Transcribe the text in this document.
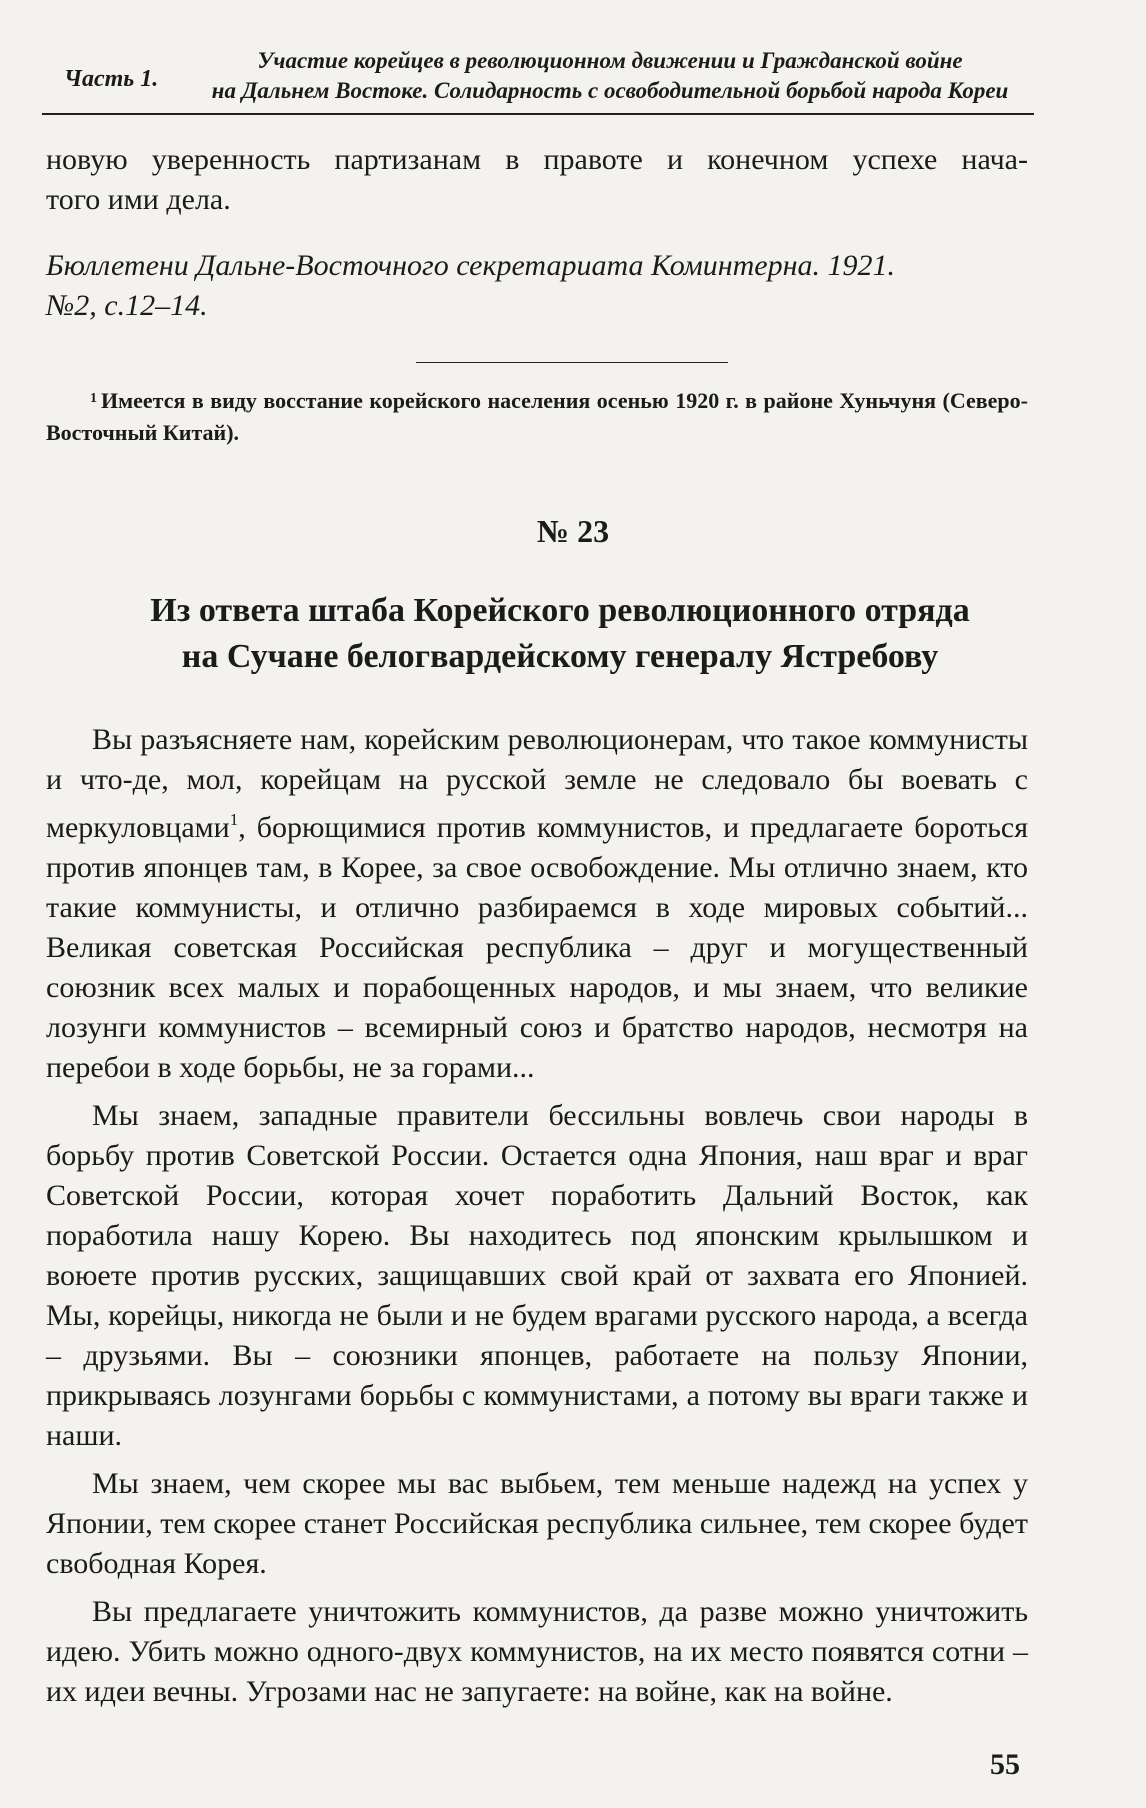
Часть 1.
Участие корейцев в революционном движении и Гражданской войне
на Дальнем Востоке. Солидарность с освободительной борьбой народа Кореи
новую уверенность партизанам в правоте и конечном успехе нача-
того ими дела.
Бюллетени Дальне-Восточного секретариата Коминтерна. 1921.
№2, с.12–14.
$^1$ Имеется в виду восстание корейского населения осенью 1920 г. в районе Хуньчуня (Северо-Восточный Китай).
№ 23
Из ответа штаба Корейского революционного отряда
на Сучане белогвардейскому генералу Ястребову

Вы разъясняете нам, корейским революционерам, что такое коммунисты и что-де, мол, корейцам на русской земле не следовало бы воевать с меркуловцами$^1$, борющимися против коммунистов, и предлагаете бороться против японцев там, в Корее, за свое освобождение. Мы отлично знаем, кто такие коммунисты, и отлично разбираемся в ходе мировых событий... Великая советская Российская республика – друг и могущественный союзник всех малых и порабощенных народов, и мы знаем, что великие лозунги коммунистов – всемирный союз и братство народов, несмотря на перебои в ходе борьбы, не за горами...

Мы знаем, западные правители бессильны вовлечь свои народы в борьбу против Советской России. Остается одна Япония, наш враг и враг Советской России, которая хочет поработить Дальний Восток, как поработила нашу Корею. Вы находитесь под японским крылышком и воюете против русских, защищавших свой край от захвата его Японией. Мы, корейцы, никогда не были и не будем врагами русского народа, а всегда – друзьями. Вы – союзники японцев, работаете на пользу Японии, прикрываясь лозунгами борьбы с коммунистами, а потому вы враги также и наши.

Мы знаем, чем скорее мы вас выбьем, тем меньше надежд на успех у Японии, тем скорее станет Российская республика сильнее, тем скорее будет свободная Корея.

Вы предлагаете уничтожить коммунистов, да разве можно уничтожить идею. Убить можно одного-двух коммунистов, на их место появятся сотни – их идеи вечны. Угрозами нас не запугаете: на войне, как на войне.

55
